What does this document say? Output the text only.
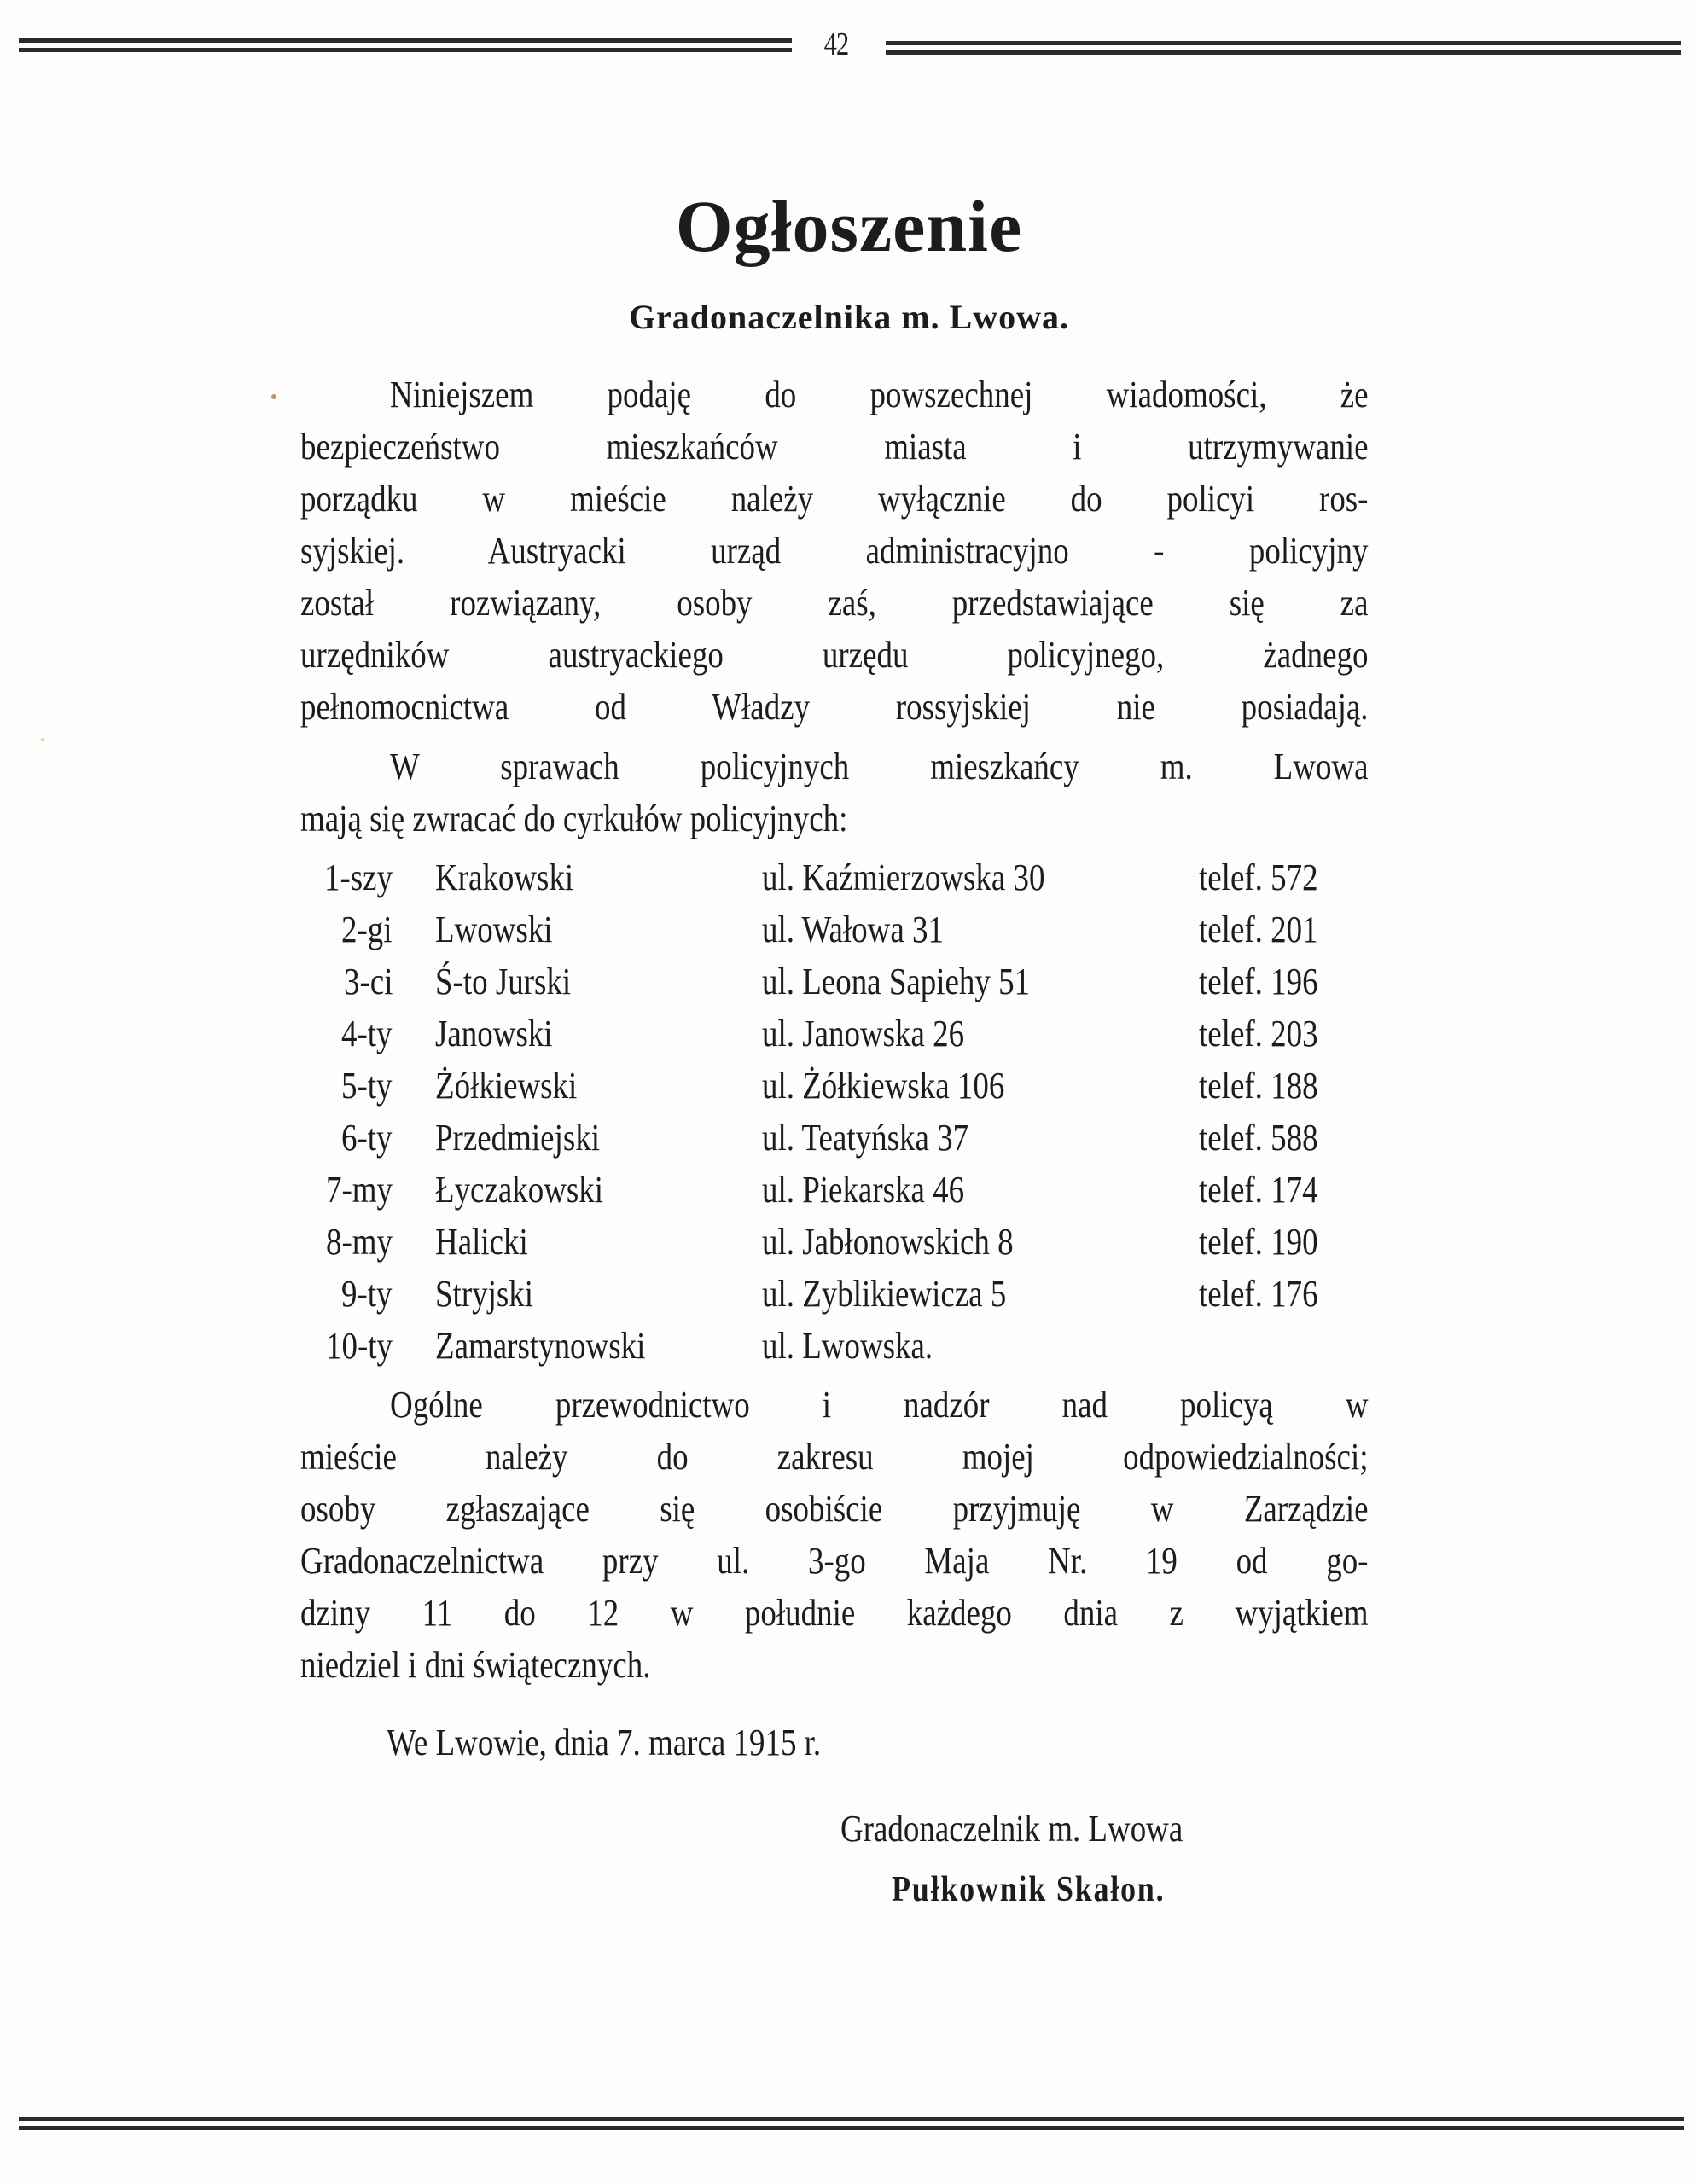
42
Ogłoszenie
Gradonaczelnika m. Lwowa.
Niniejszem podaję do powszechnej wiadomości, że
bezpieczeństwo mieszkańców miasta i utrzymywanie
porządku w mieście należy wyłącznie do policyi ros-
syjskiej. Austryacki urząd administracyjno - policyjny
został rozwiązany, osoby zaś, przedstawiające się za
urzędników austryackiego urzędu policyjnego, żadnego
pełnomocnictwa od Władzy rossyjskiej nie posiadają.
W sprawach policyjnych mieszkańcy m. Lwowa
mają się zwracać do cyrkułów policyjnych:
1-szy Krakowski	ul. Kaźmierzowska 30	telef. 572
2-gi Lwowski	ul. Wałowa 31	telef. 201
3-ci Ś-to Jurski	ul. Leona Sapiehy 51	telef. 196
4-ty Janowski	ul. Janowska 26	telef. 203
5-ty Żółkiewski	ul. Żółkiewska 106	telef. 188
6-ty Przedmiejski	ul. Teatyńska 37	telef. 588
7-my Łyczakowski	ul. Piekarska 46	telef. 174
8-my Halicki	ul. Jabłonowskich 8	telef. 190
9-ty Stryjski	ul. Zyblikiewicza 5	telef. 176
10-ty Zamarstynowski	ul. Lwowska.
Ogólne przewodnictwo i nadzór nad policyą w
mieście należy do zakresu mojej odpowiedzialności;
osoby zgłaszające się osobiście przyjmuję w Zarządzie
Gradonaczelnictwa przy ul. 3-go Maja Nr. 19 od go-
dziny 11 do 12 w południe każdego dnia z wyjątkiem
niedziel i dni świątecznych.
We Lwowie, dnia 7. marca 1915 r.
Gradonaczelnik m. Lwowa
Pułkownik Skałon.
